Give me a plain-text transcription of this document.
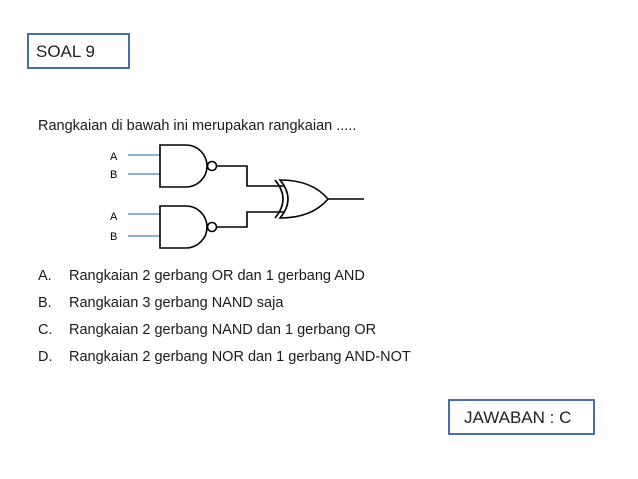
SOAL 9
Rangkaian di bawah ini merupakan rangkaian .....
A
B
A
B
A. Rangkaian 2 gerbang OR dan 1 gerbang AND
B. Rangkaian 3 gerbang NAND saja
C. Rangkaian 2 gerbang NAND dan 1 gerbang OR
D. Rangkaian 2 gerbang NOR dan 1 gerbang AND-NOT
JAWABAN : C
